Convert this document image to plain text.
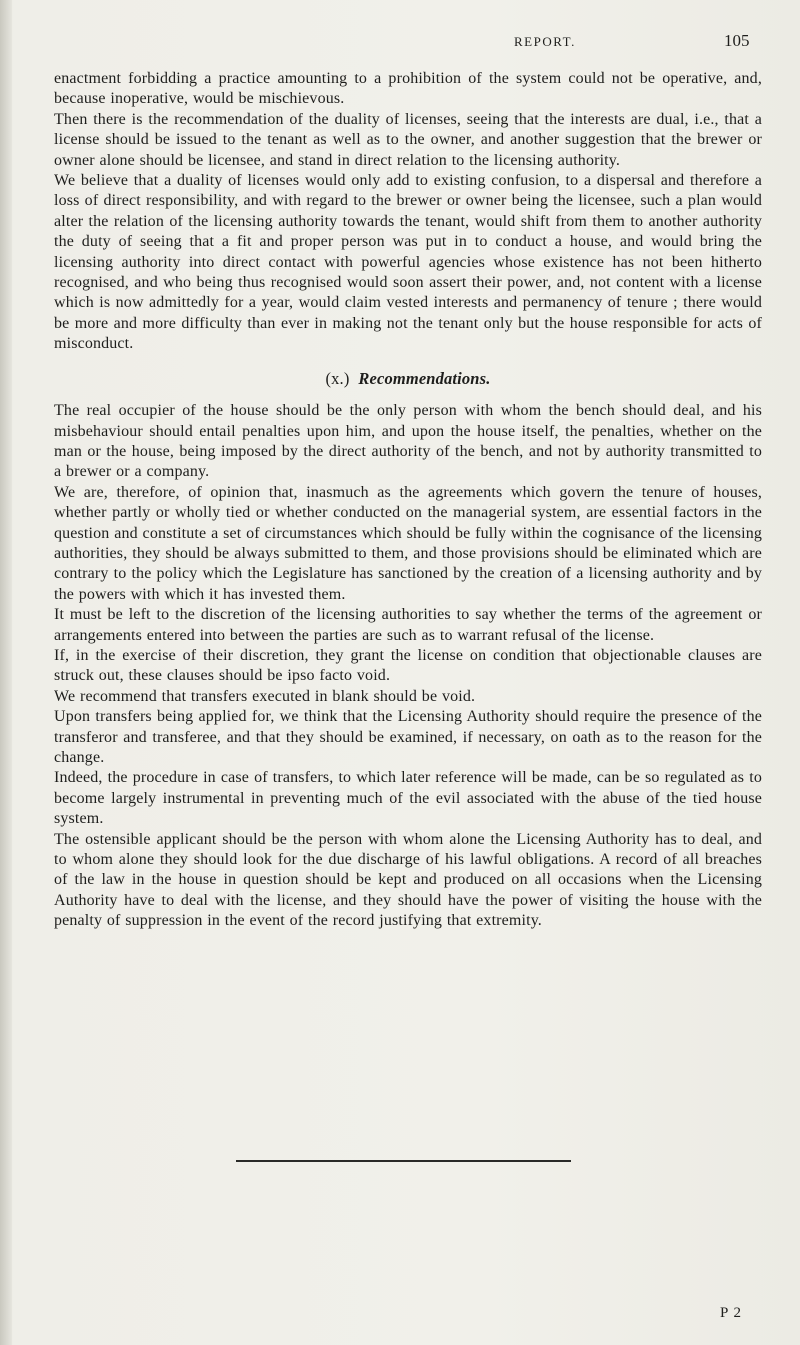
REPORT.	105

enactment forbidding a practice amounting to a prohibition of the system could not be operative, and, because inoperative, would be mischievous.

Then there is the recommendation of the duality of licenses, seeing that the interests are dual, i.e., that a license should be issued to the tenant as well as to the owner, and another suggestion that the brewer or owner alone should be licensee, and stand in direct relation to the licensing authority.

We believe that a duality of licenses would only add to existing confusion, to a dispersal and therefore a loss of direct responsibility, and with regard to the brewer or owner being the licensee, such a plan would alter the relation of the licensing authority towards the tenant, would shift from them to another authority the duty of seeing that a fit and proper person was put in to conduct a house, and would bring the licensing authority into direct contact with powerful agencies whose existence has not been hitherto recognised, and who being thus recognised would soon assert their power, and, not content with a license which is now admittedly for a year, would claim vested interests and permanency of tenure ; there would be more and more difficulty than ever in making not the tenant only but the house responsible for acts of misconduct.

(x.) Recommendations.

The real occupier of the house should be the only person with whom the bench should deal, and his misbehaviour should entail penalties upon him, and upon the house itself, the penalties, whether on the man or the house, being imposed by the direct authority of the bench, and not by authority transmitted to a brewer or a company.

We are, therefore, of opinion that, inasmuch as the agreements which govern the tenure of houses, whether partly or wholly tied or whether conducted on the managerial system, are essential factors in the question and constitute a set of circumstances which should be fully within the cognisance of the licensing authorities, they should be always submitted to them, and those provisions should be eliminated which are contrary to the policy which the Legislature has sanctioned by the creation of a licensing authority and by the powers with which it has invested them.

It must be left to the discretion of the licensing authorities to say whether the terms of the agreement or arrangements entered into between the parties are such as to warrant refusal of the license.

If, in the exercise of their discretion, they grant the license on condition that objectionable clauses are struck out, these clauses should be ipso facto void.

We recommend that transfers executed in blank should be void.

Upon transfers being applied for, we think that the Licensing Authority should require the presence of the transferor and transferee, and that they should be examined, if necessary, on oath as to the reason for the change.

Indeed, the procedure in case of transfers, to which later reference will be made, can be so regulated as to become largely instrumental in preventing much of the evil associated with the abuse of the tied house system.

The ostensible applicant should be the person with whom alone the Licensing Authority has to deal, and to whom alone they should look for the due discharge of his lawful obligations. A record of all breaches of the law in the house in question should be kept and produced on all occasions when the Licensing Authority have to deal with the license, and they should have the power of visiting the house with the penalty of suppression in the event of the record justifying that extremity.

P 2
